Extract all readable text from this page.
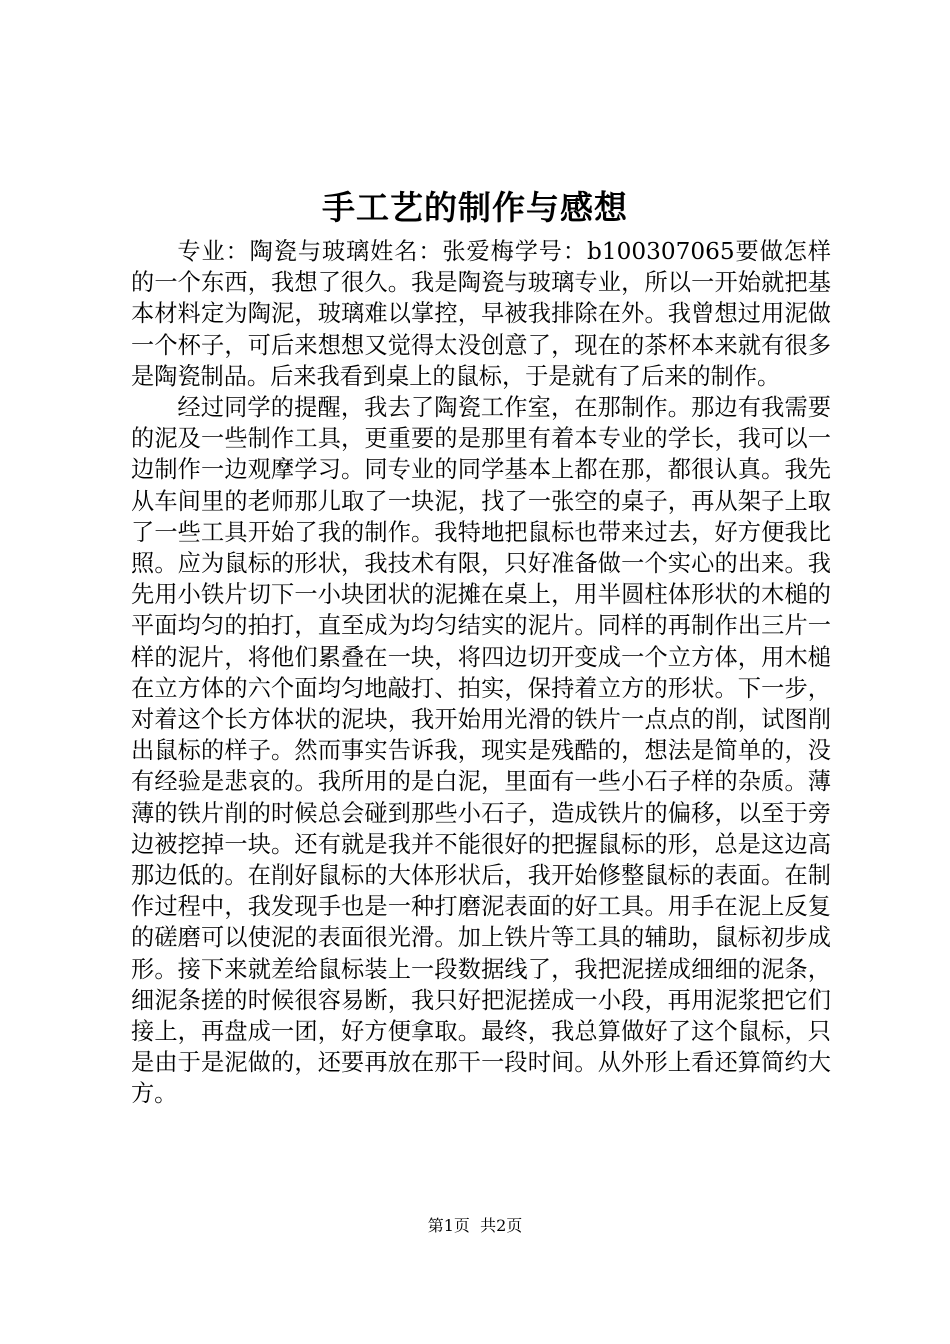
手工艺的制作与感想

专业：陶瓷与玻璃姓名：张爱梅学号：b100307065要做怎样的一个东西，我想了很久。我是陶瓷与玻璃专业，所以一开始就把基本材料定为陶泥，玻璃难以掌控，早被我排除在外。我曾想过用泥做一个杯子，可后来想想又觉得太没创意了，现在的茶杯本来就有很多是陶瓷制品。后来我看到桌上的鼠标，于是就有了后来的制作。

经过同学的提醒，我去了陶瓷工作室，在那制作。那边有我需要的泥及一些制作工具，更重要的是那里有着本专业的学长，我可以一边制作一边观摩学习。同专业的同学基本上都在那，都很认真。我先从车间里的老师那儿取了一块泥，找了一张空的桌子，再从架子上取了一些工具开始了我的制作。我特地把鼠标也带来过去，好方便我比照。应为鼠标的形状，我技术有限，只好准备做一个实心的出来。我先用小铁片切下一小块团状的泥摊在桌上，用半圆柱体形状的木槌的平面均匀的拍打，直至成为均匀结实的泥片。同样的再制作出三片一样的泥片，将他们累叠在一块，将四边切开变成一个立方体，用木槌在立方体的六个面均匀地敲打、拍实，保持着立方的形状。下一步，对着这个长方体状的泥块，我开始用光滑的铁片一点点的削，试图削出鼠标的样子。然而事实告诉我，现实是残酷的，想法是简单的，没有经验是悲哀的。我所用的是白泥，里面有一些小石子样的杂质。薄薄的铁片削的时候总会碰到那些小石子，造成铁片的偏移，以至于旁边被挖掉一块。还有就是我并不能很好的把握鼠标的形，总是这边高那边低的。在削好鼠标的大体形状后，我开始修整鼠标的表面。在制作过程中，我发现手也是一种打磨泥表面的好工具。用手在泥上反复的磋磨可以使泥的表面很光滑。加上铁片等工具的辅助，鼠标初步成形。接下来就差给鼠标装上一段数据线了，我把泥搓成细细的泥条，细泥条搓的时候很容易断，我只好把泥搓成一小段，再用泥浆把它们接上，再盘成一团，好方便拿取。最终，我总算做好了这个鼠标，只是由于是泥做的，还要再放在那干一段时间。从外形上看还算简约大方。

第1页 共2页
